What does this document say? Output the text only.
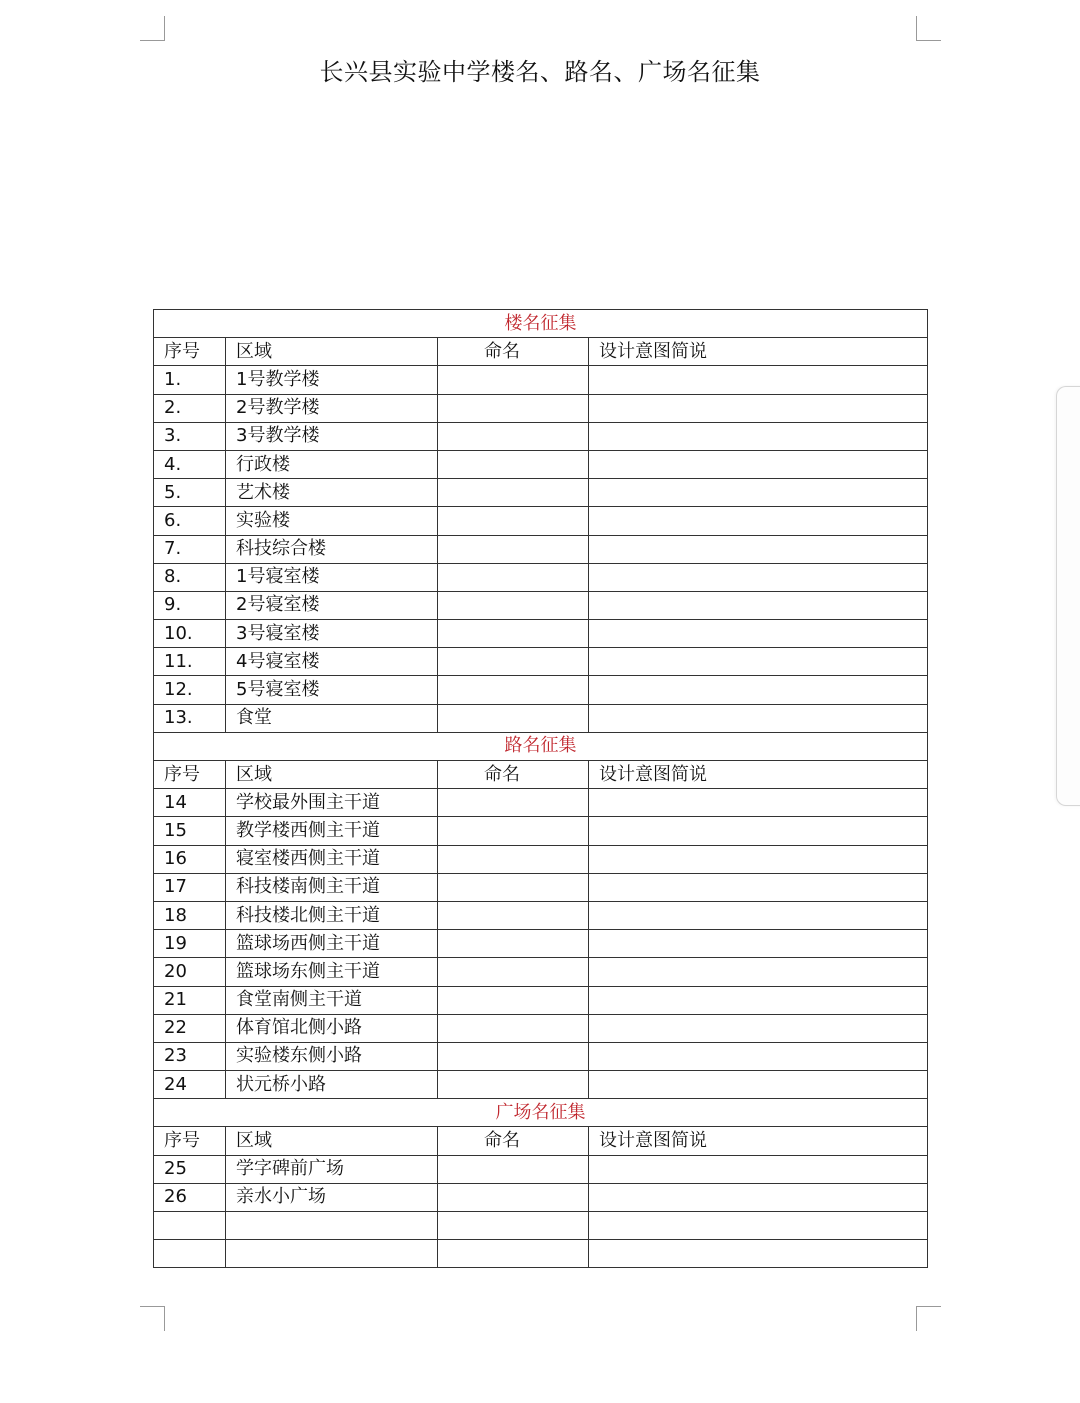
长兴县实验中学楼名、路名、广场名征集
楼名征集			
序号	区域	命名	设计意图简说
1.	1号教学楼		
2.	2号教学楼		
3.	3号教学楼		
4.	行政楼		
5.	艺术楼		
6.	实验楼		
7.	科技综合楼		
8.	1号寝室楼		
9.	2号寝室楼		
10.	3号寝室楼		
11.	4号寝室楼		
12.	5号寝室楼		
13.	食堂		
路名征集			
序号	区域	命名	设计意图简说
14	学校最外围主干道		
15	教学楼西侧主干道		
16	寝室楼西侧主干道		
17	科技楼南侧主干道		
18	科技楼北侧主干道		
19	篮球场西侧主干道		
20	篮球场东侧主干道		
21	食堂南侧主干道		
22	体育馆北侧小路		
23	实验楼东侧小路		
24	状元桥小路		
广场名征集			
序号	区域	命名	设计意图简说
25	学字碑前广场		
26	亲水小广场		
